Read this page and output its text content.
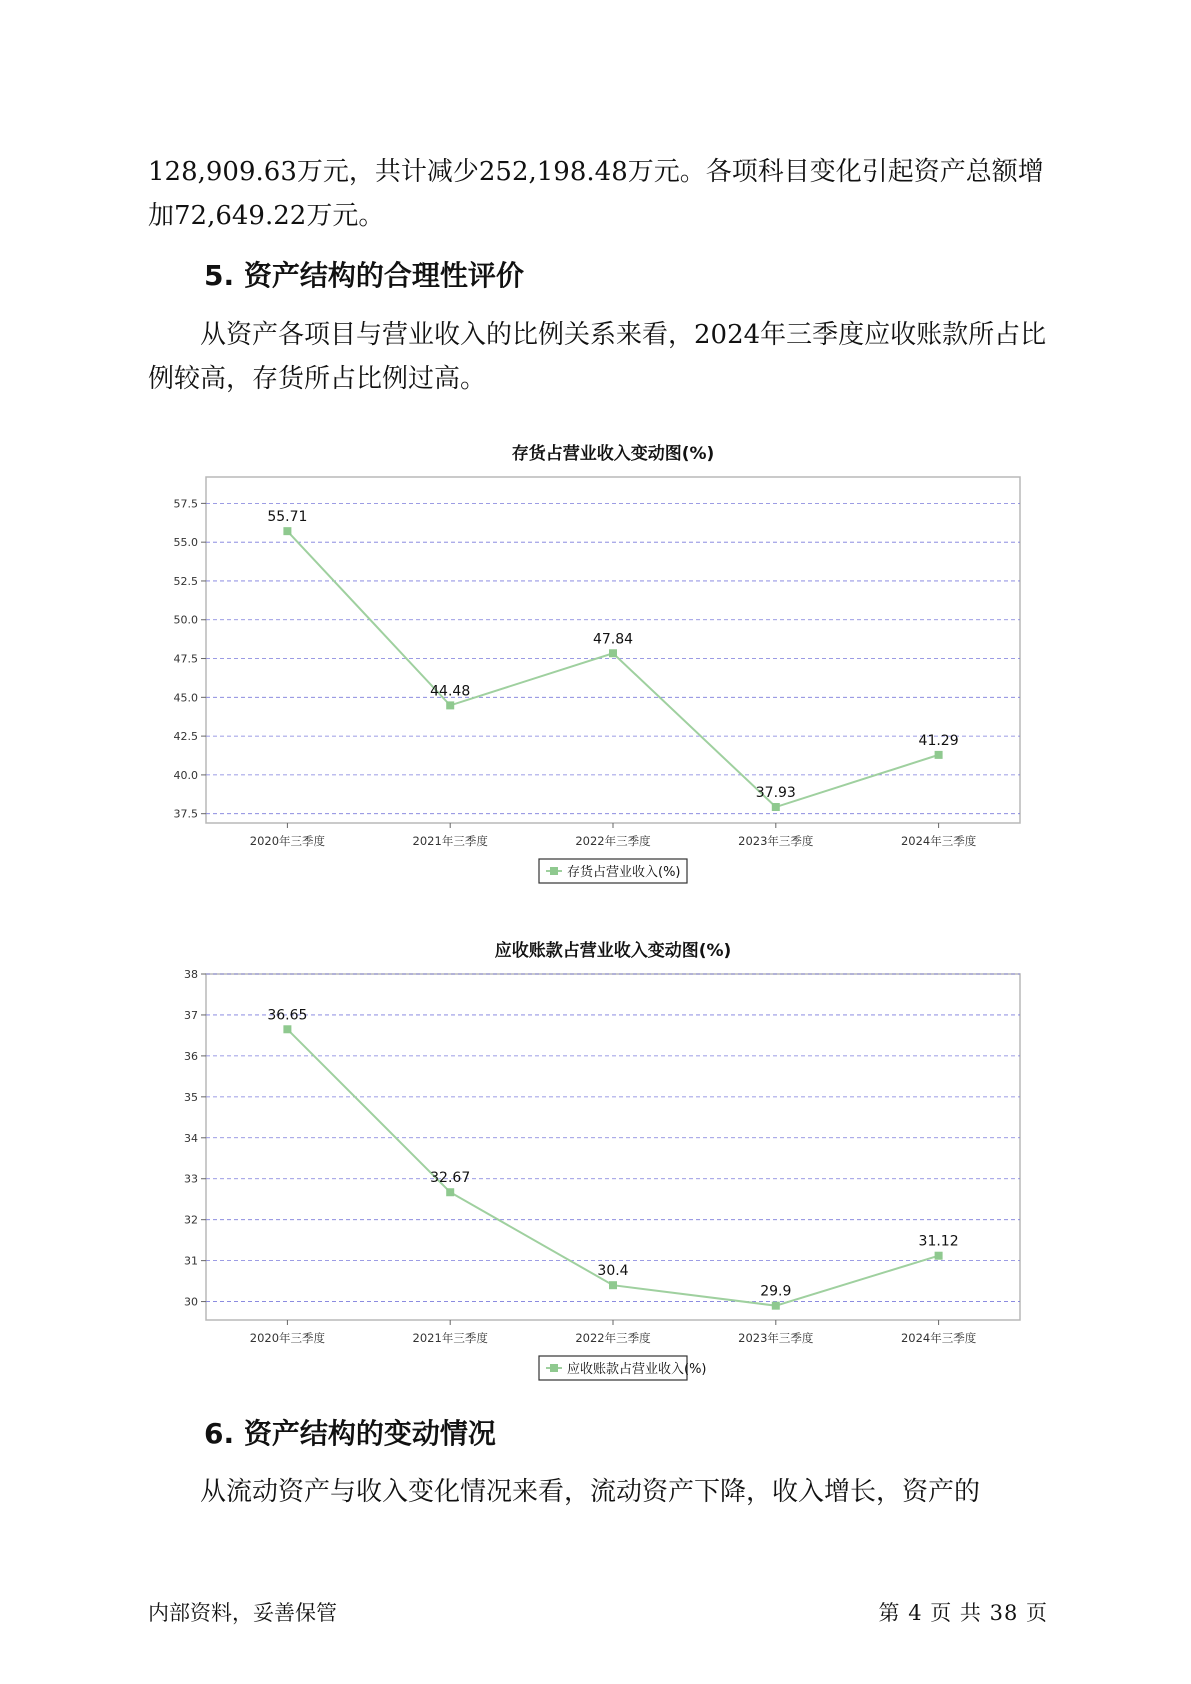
128,909.63万元，共计减少252,198.48万元。各项科目变化引起资产总额增加72,649.22万元。

5. 资产结构的合理性评价

从资产各项目与营业收入的比例关系来看，2024年三季度应收账款所占比例较高，存货所占比例过高。

存货占营业收入变动图(%)
37.5
40.0
42.5
45.0
47.5
50.0
52.5
55.0
57.5
2020年三季度	2021年三季度	2022年三季度	2023年三季度	2024年三季度
55.71
44.48
47.84
37.93
41.29
存货占营业收入(%)
应收账款占营业收入变动图(%)
30
31
32
33
34
35
36
37
38
2020年三季度	2021年三季度	2022年三季度	2023年三季度	2024年三季度
36.65
32.67
30.4
29.9
31.12
应收账款占营业收入(%)
6. 资产结构的变动情况

从流动资产与收入变化情况来看，流动资产下降，收入增长，资产的

内部资料，妥善保管	第 4 页 共 38 页
